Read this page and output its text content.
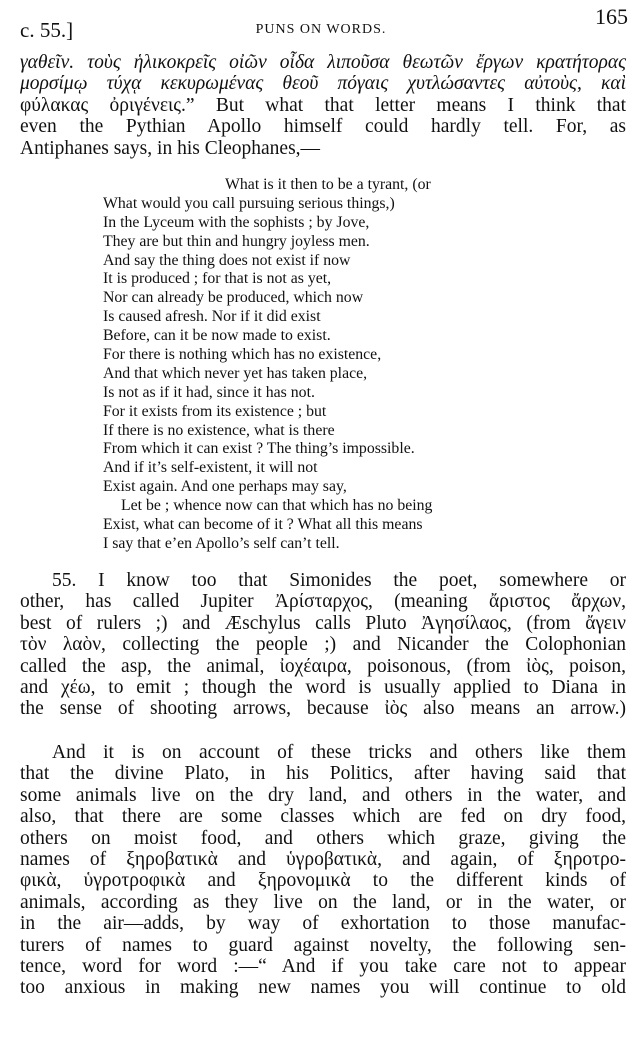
c. 55.]	PUNS ON WORDS.
165
γαθεῖν. τοὺς ἡλικοκρεῖς οἰῶν οἶδα λιποῦσα θεωτῶν ἔργων κρατήτορας
μορσίμῳ τύχᾳ κεκυρωμένας θεοῦ πόγαις χυτλώσαντες αὐτοὺς, καὶ
φύλακας ὀριγένεις.” But what that letter means I think that
even the Pythian Apollo himself could hardly tell. For, as
Antiphanes says, in his Cleophanes,—
What is it then to be a tyrant, (or
What would you call pursuing serious things,)
In the Lyceum with the sophists ; by Jove,
They are but thin and hungry joyless men.
And say the thing does not exist if now
It is produced ; for that is not as yet,
Nor can already be produced, which now
Is caused afresh. Nor if it did exist
Before, can it be now made to exist.
For there is nothing which has no existence,
And that which never yet has taken place,
Is not as if it had, since it has not.
For it exists from its existence ; but
If there is no existence, what is there
From which it can exist ? The thing’s impossible.
And if it’s self-existent, it will not
Exist again. And one perhaps may say,
Let be ; whence now can that which has no being
Exist, what can become of it ? What all this means
I say that e’en Apollo’s self can’t tell.
55. I know too that Simonides the poet, somewhere or
other, has called Jupiter Ἀρίσταρχος, (meaning ἄριστος ἄρχων,
best of rulers ;) and Æschylus calls Pluto Ἀγησίλαος, (from ἄγειν
τὸν λαὸν, collecting the people ;) and Nicander the Colophonian
called the asp, the animal, ἰοχέαιρα, poisonous, (from ἰὸς, poison,
and χέω, to emit ; though the word is usually applied to Diana in
the sense of shooting arrows, because ἰὸς also means an arrow.)
And it is on account of these tricks and others like them
that the divine Plato, in his Politics, after having said that
some animals live on the dry land, and others in the water, and
also, that there are some classes which are fed on dry food,
others on moist food, and others which graze, giving the
names of ξηροβατικὰ and ὑγροβατικὰ, and again, of ξηροτρο-
φικὰ, ὑγροτροφικὰ and ξηρονομικὰ to the different kinds of
animals, according as they live on the land, or in the water, or
in the air—adds, by way of exhortation to those manufac-
turers of names to guard against novelty, the following sen-
tence, word for word :—“ And if you take care not to appear
too anxious in making new names you will continue to old
